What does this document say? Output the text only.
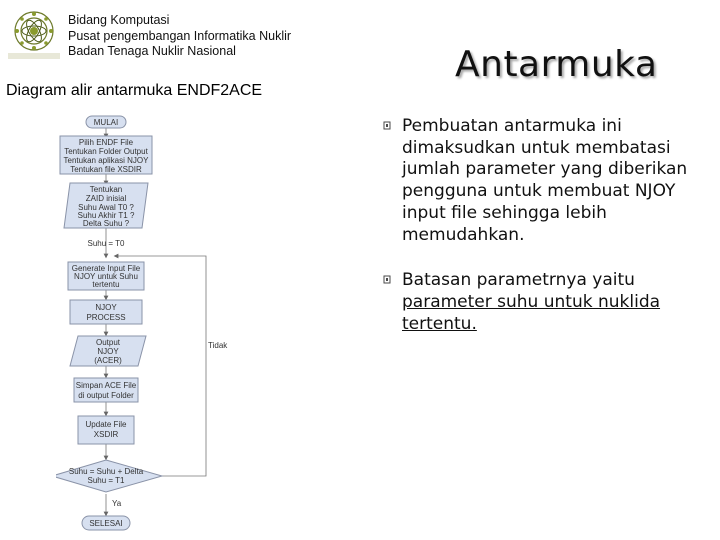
Bidang Komputasi
Pusat pengembangan Informatika Nuklir
Badan Tenaga Nuklir Nasional
Diagram alir antarmuka ENDF2ACE
Antarmuka
MULAI
Pilih ENDF File
Tentukan Folder Output
Tentukan aplikasi NJOY
Tentukan file XSDIR
Tentukan
ZAID inisial
Suhu Awal T0 ?
Suhu Akhir T1 ?
Delta Suhu ?
Suhu = T0
Generate Input File
NJOY untuk Suhu
tertentu
NJOY
PROCESS
Output
NJOY
(ACER)
Simpan ACE File
di output Folder
Update File
XSDIR
Suhu = Suhu + Delta
Suhu = T1
Tidak
Ya
SELESAI
Pembuatan antarmuka ini dimaksudkan untuk membatasi jumlah parameter yang diberikan pengguna untuk membuat NJOY input file sehingga lebih memudahkan.
Batasan parametrnya yaitu parameter suhu untuk nuklida tertentu.
